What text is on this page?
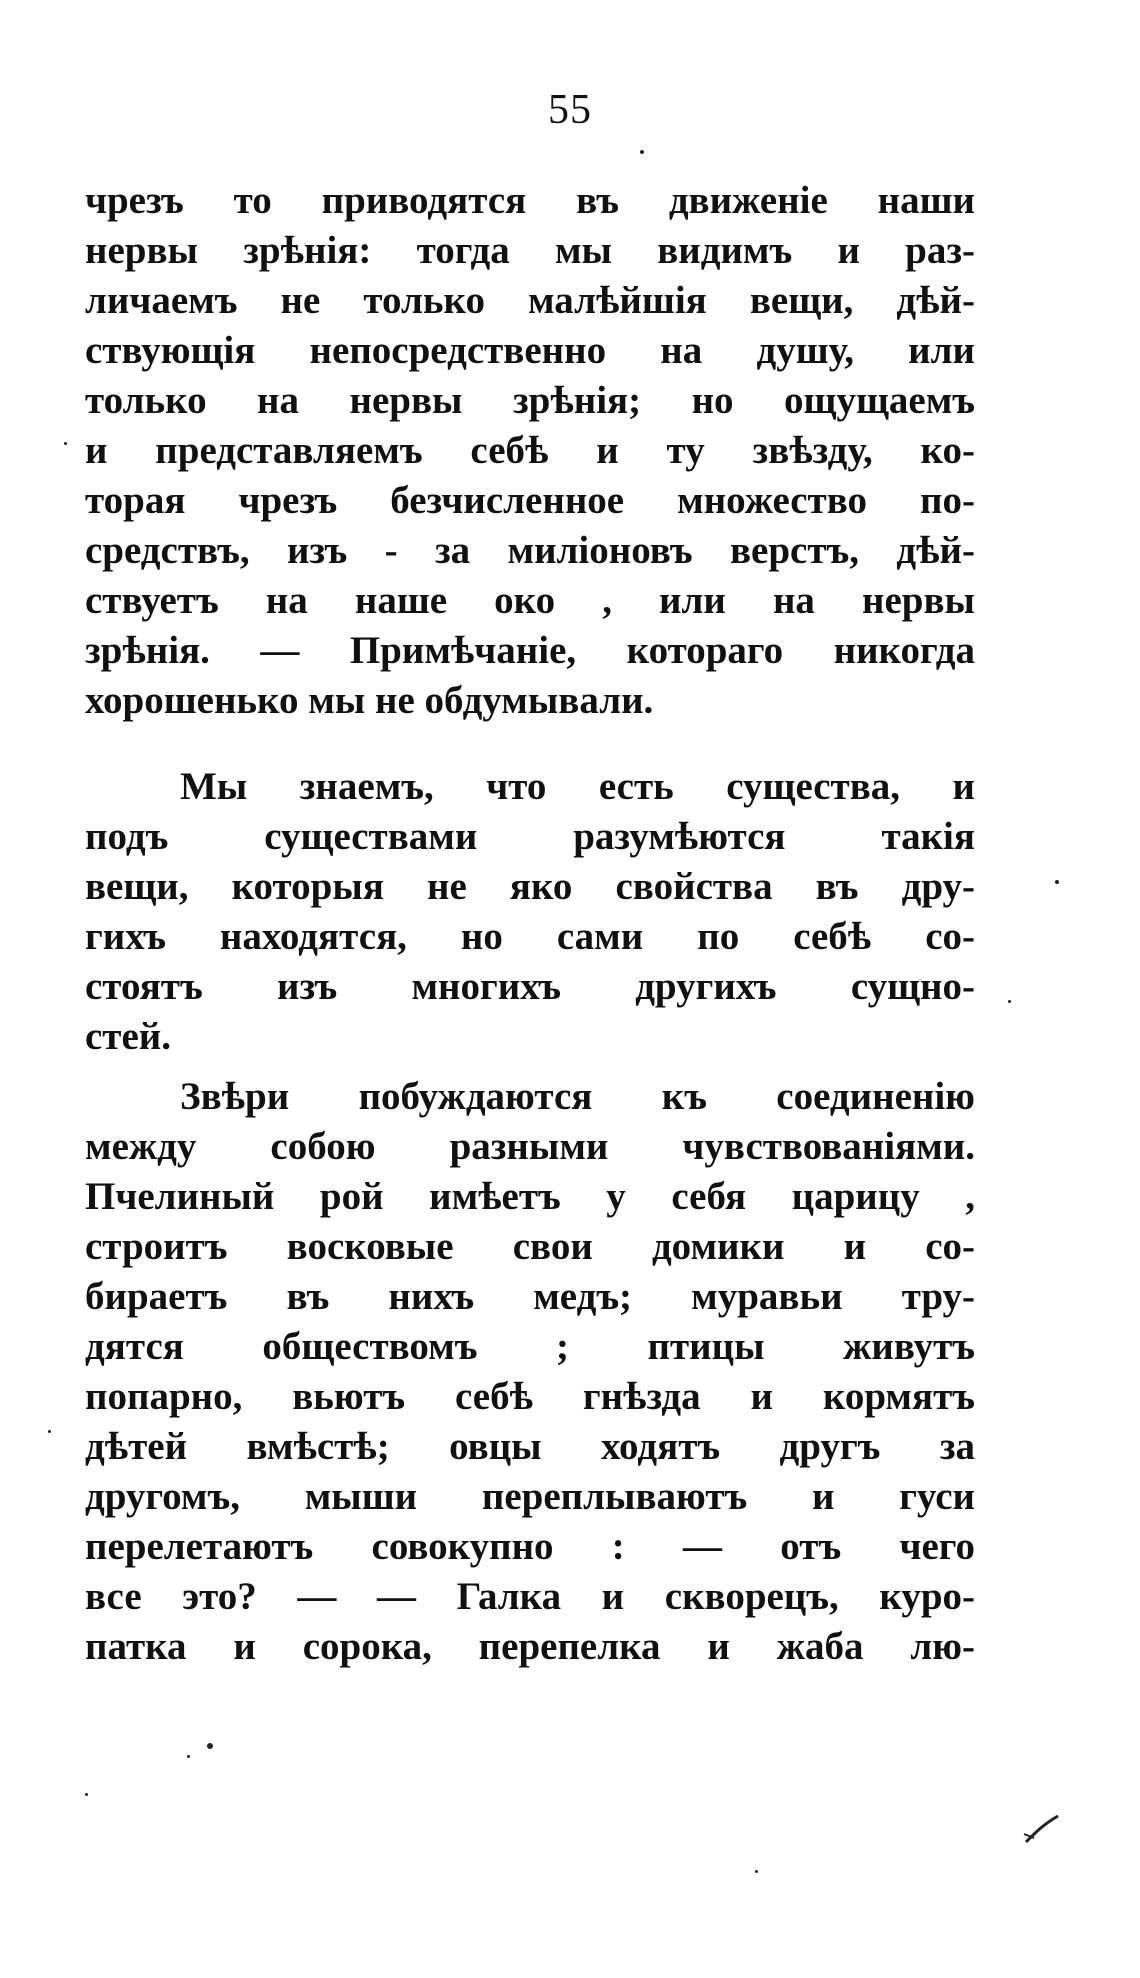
55
чрезъ то приводятся въ движеніе наши
нервы зрѣнія: тогда мы видимъ и раз-
личаемъ не только малѣйшія вещи, дѣй-
ствующія непосредственно на душу, или
только на нервы зрѣнія; но ощущаемъ
и представляемъ себѣ и ту звѣзду, ко-
торая чрезъ безчисленное множество по-
средствъ, изъ - за миліоновъ верстъ, дѣй-
ствуетъ на наше око , или на нервы
зрѣнія. — Примѣчаніе, котораго никогда
хорошенько мы не обдумывали.
Мы знаемъ, что есть существа, и
подъ существами разумѣются такія
вещи, которыя не яко свойства въ дру-
гихъ находятся, но сами по себѣ со-
стоятъ изъ многихъ другихъ сущно-
стей.
Звѣри побуждаются къ соединенію
между собою разными чувствованіями.
Пчелиный рой имѣетъ у себя царицу ,
строитъ восковые свои домики и со-
бираетъ въ нихъ медъ; муравьи тру-
дятся обществомъ ; птицы живутъ
попарно, вьютъ себѣ гнѣзда и кормятъ
дѣтей вмѣстѣ; овцы ходятъ другъ за
другомъ, мыши переплываютъ и гуси
перелетаютъ совокупно : — отъ чего
все это? — — Галка и скворецъ, куро-
патка и сорока, перепелка и жаба лю-
